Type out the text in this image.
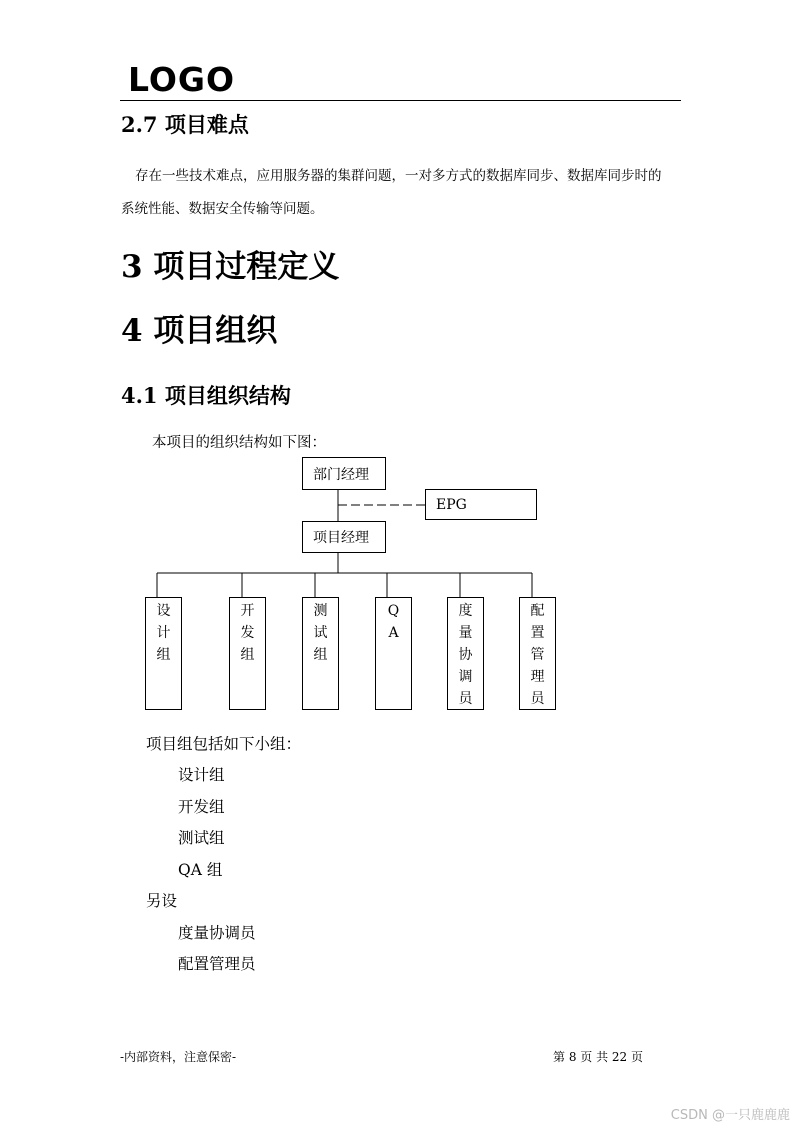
LOGO
2.7 项目难点

存在一些技术难点，应用服务器的集群问题，一对多方式的数据库同步、数据库同步时的

系统性能、数据安全传输等问题。

3 项目过程定义
4 项目组织
4.1 项目组织结构
本项目的组织结构如下图：
部门经理
EPG
项目经理
设
计
组
开
发
组
测
试
组
Q
A
度
量
协
调
员
配
置
管
理
员
项目组包括如下小组：
设计组
开发组
测试组
QA 组
另设
度量协调员
配置管理员
-内部资料，注意保密-	第 8 页 共 22 页
CSDN @一只鹿鹿鹿
